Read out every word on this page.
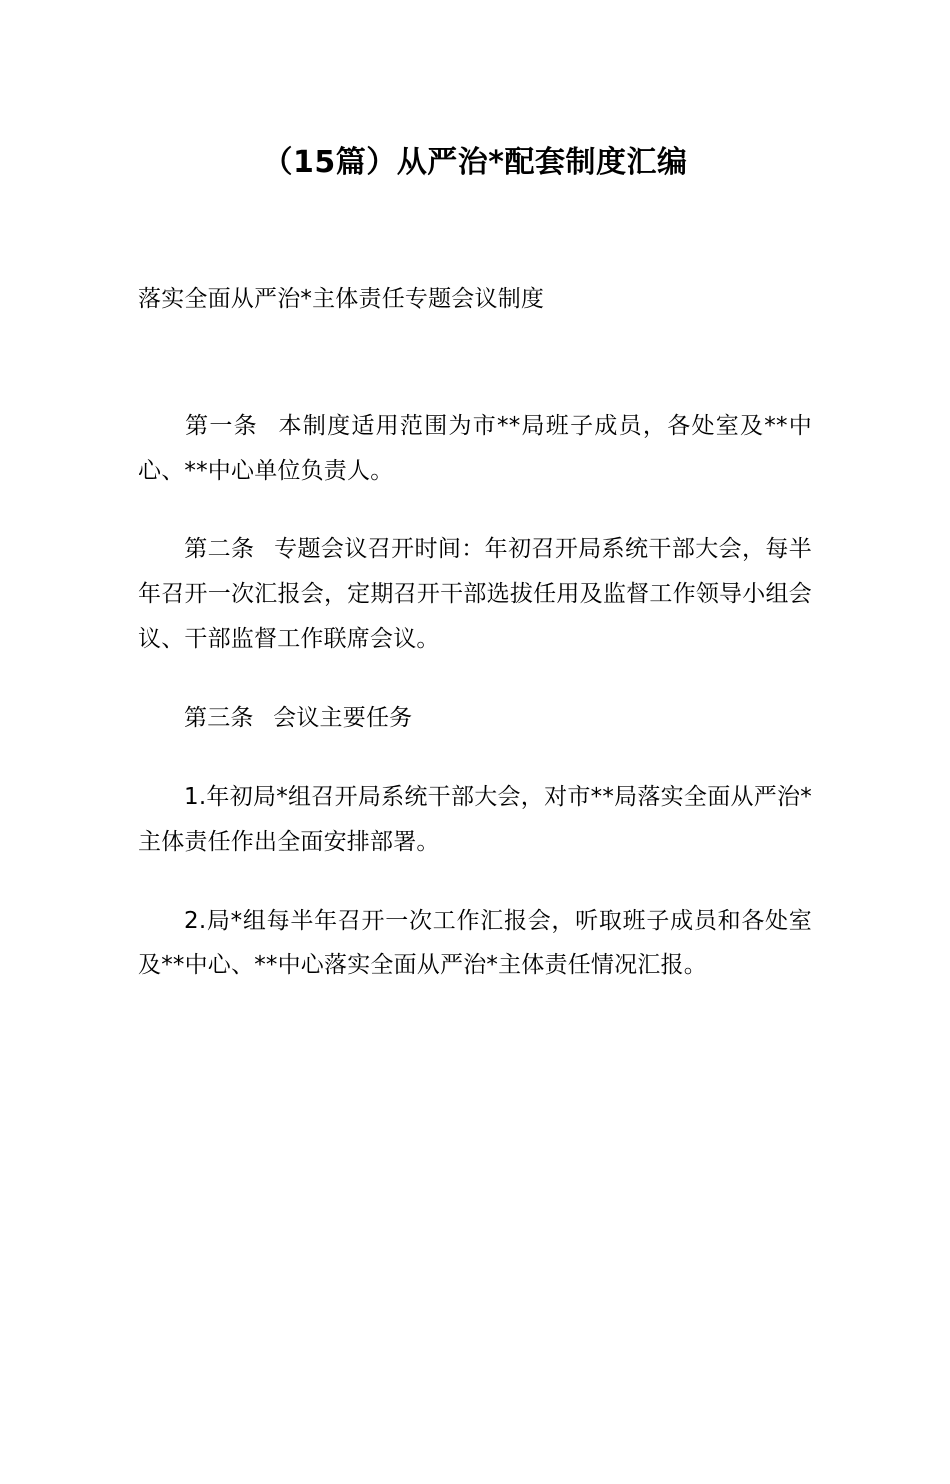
（15篇）从严治*配套制度汇编
落实全面从严治*主体责任专题会议制度
第一条 本制度适用范围为市**局班子成员，各处室及**中心、**中心单位负责人。
第二条 专题会议召开时间：年初召开局系统干部大会，每半年召开一次汇报会，定期召开干部选拔任用及监督工作领导小组会议、干部监督工作联席会议。
第三条 会议主要任务
1.年初局*组召开局系统干部大会，对市**局落实全面从严治*主体责任作出全面安排部署。
2.局*组每半年召开一次工作汇报会，听取班子成员和各处室及**中心、**中心落实全面从严治*主体责任情况汇报。
